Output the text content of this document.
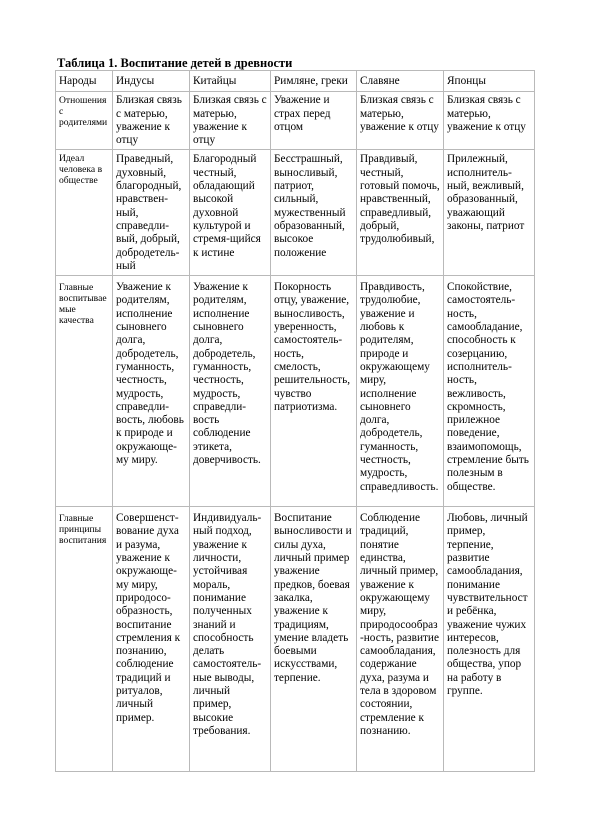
Таблица 1. Воспитание детей в древности
Народы	Индусы	Китайцы	Римляне, греки	Славяне	Японцы
Отношения с родителями	Близкая связь с матерью, уважение к отцу	Близкая связь с матерью, уважение к отцу	Уважение и страх перед отцом	Близкая связь с матерью, уважение к отцу	Близкая связь с матерью, уважение к отцу
Идеал человека в обществе	Праведный, духовный, благородный, нравствен-ный, справедли-вый, добрый, добродетель-ный	Благородный честный, обладающий высокой духовной культурой и стремя-щийся к истине	Бесстрашный, выносливый, патриот, сильный, мужественный образованный, высокое положение	Правдивый, честный, готовый помочь, нравственный, справедливый, добрый, трудолюбивый,	Прилежный, исполнитель-ный, вежливый, образованный, уважающий законы, патриот
Главные воспитываемые качества	Уважение к родителям, исполнение сыновнего долга, добродетель, гуманность, честность, мудрость, справедли-вость, любовь к природе и окружающе-му миру.	Уважение к родителям, исполнение сыновнего долга, добродетель, гуманность, честность, мудрость, справедли-вость соблюдение этикета, доверчивость.	Покорность отцу, уважение, выносливость, уверенность, самостоятель-ность, смелость, решительность, чувство патриотизма.	Правдивость, трудолюбие, уважение и любовь к родителям, природе и окружающему миру, исполнение сыновнего долга, добродетель, гуманность, честность, мудрость, справедливость.	Спокойствие, самостоятель-ность, самообладание, способность к созерцанию, исполнитель-ность, вежливость, скромность, прилежное поведение, взаимопомощь, стремление быть полезным в обществе.
Главные принципы воспитания	Совершенст-вование духа и разума, уважение к окружающе-му миру, природосо-образность, воспитание стремления к познанию, соблюдение традиций и ритуалов, личный пример.	Индивидуаль-ный подход, уважение к личности, устойчивая мораль, понимание полученных знаний и способность делать самостоятель-ные выводы, личный пример, высокие требования.	Воспитание выносливости и силы духа, личный пример уважение предков, боевая закалка, уважение к традициям, умение владеть боевыми искусствами, терпение.	Соблюдение традиций, понятие единства, личный пример, уважение к окружающему миру, природосообраз-ность, развитие самообладания, содержание духа, разума и тела в здоровом состоянии, стремление к познанию.	Любовь, личный пример, терпение, развитие самообладания, понимание чувствительности ребёнка, уважение чужих интересов, полезность для общества, упор на работу в группе.
